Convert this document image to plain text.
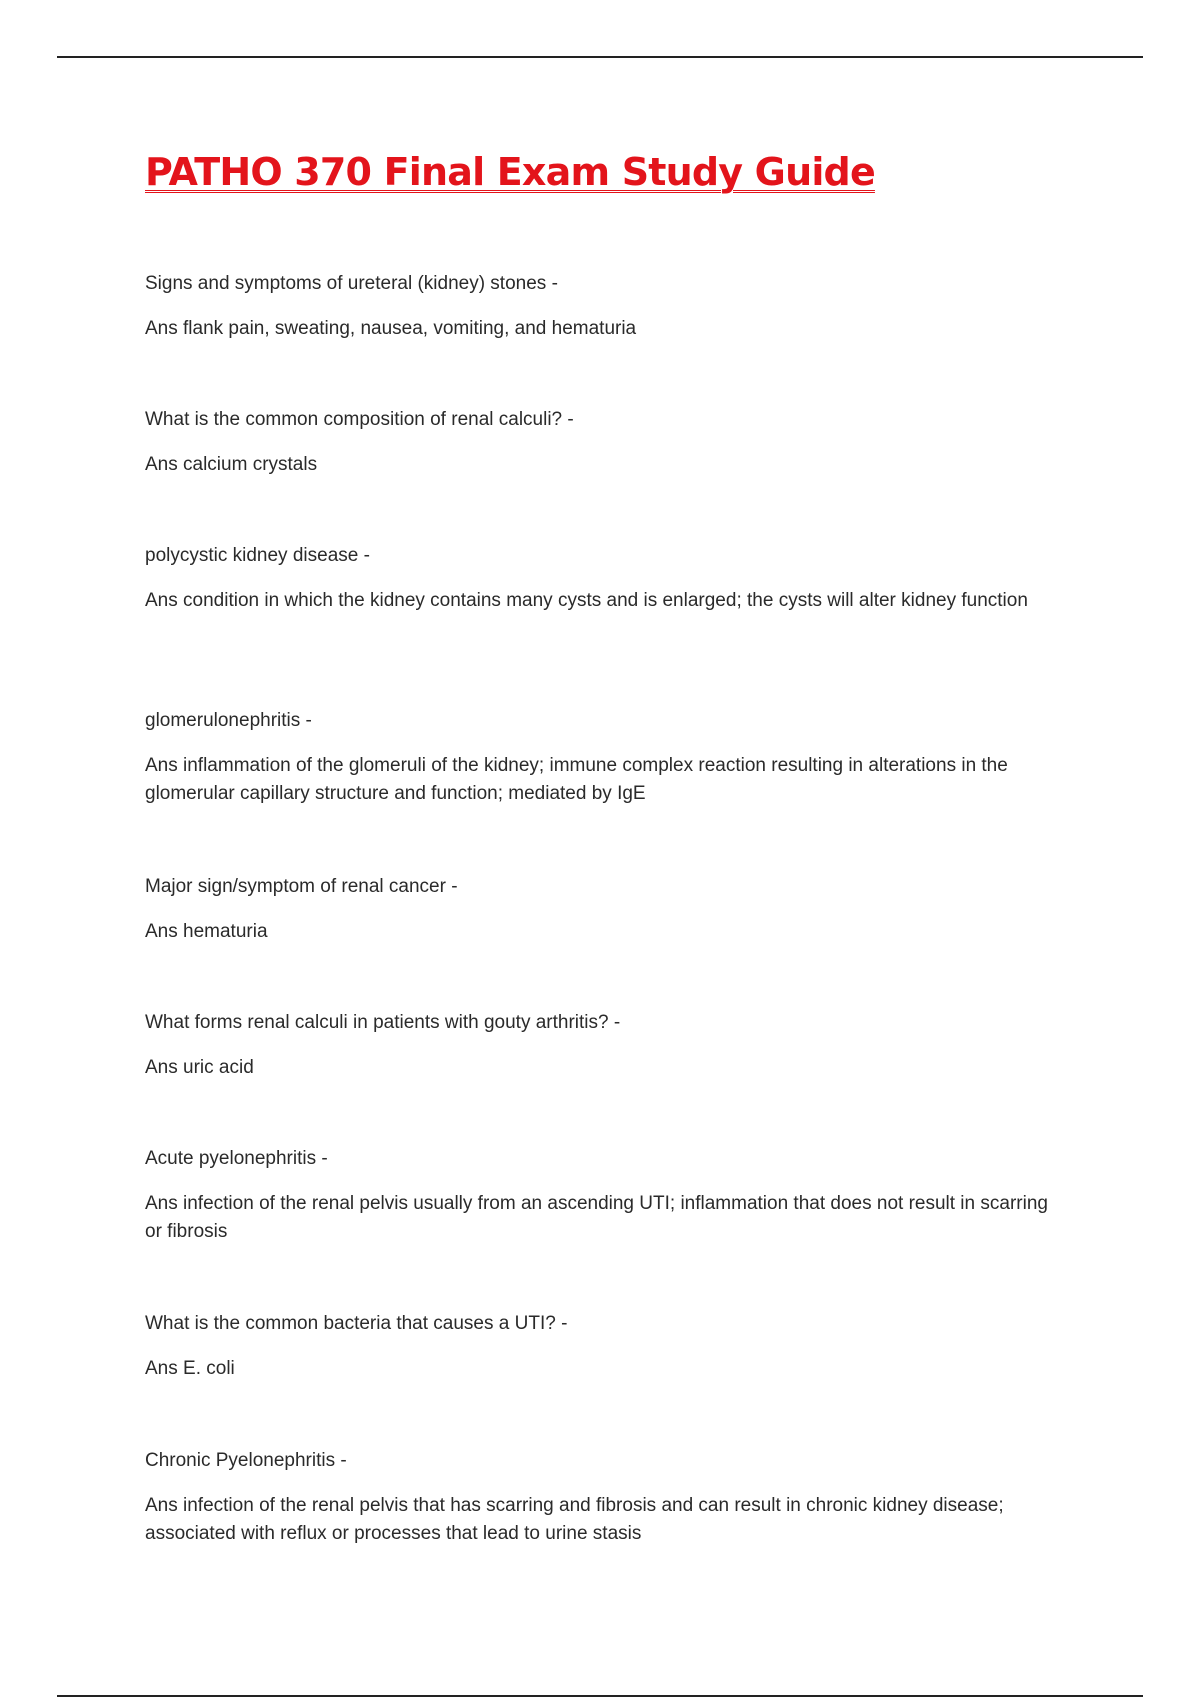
PATHO 370 Final Exam Study Guide

Signs and symptoms of ureteral (kidney) stones -

Ans flank pain, sweating, nausea, vomiting, and hematuria

What is the common composition of renal calculi? -

Ans calcium crystals

polycystic kidney disease -

Ans condition in which the kidney contains many cysts and is enlarged; the cysts will alter kidney function

glomerulonephritis -

Ans inflammation of the glomeruli of the kidney; immune complex reaction resulting in alterations in the glomerular capillary structure and function; mediated by IgE

Major sign/symptom of renal cancer -

Ans hematuria

What forms renal calculi in patients with gouty arthritis? -

Ans uric acid

Acute pyelonephritis -

Ans infection of the renal pelvis usually from an ascending UTI; inflammation that does not result in scarring or fibrosis

What is the common bacteria that causes a UTI? -

Ans E. coli

Chronic Pyelonephritis -

Ans infection of the renal pelvis that has scarring and fibrosis and can result in chronic kidney disease; associated with reflux or processes that lead to urine stasis
